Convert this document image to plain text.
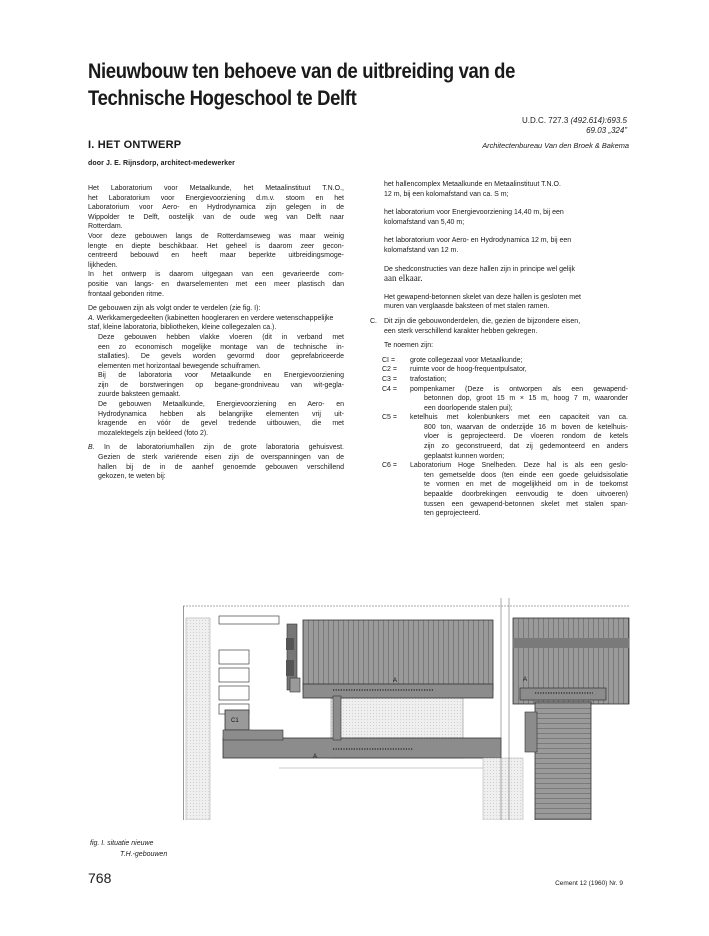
Nieuwbouw ten behoeve van de uitbreiding van de
Technische Hogeschool te Delft
U.D.C. 727.3 (492.614):693.5
69.03 „324”
Architectenbureau Van den Broek & Bakema
I. HET ONTWERP
door J. E. Rijnsdorp, architect-medewerker
Het Laboratorium voor Metaalkunde, het Metaalinstituut T.N.O.,
het Laboratorium voor Energievoorziening d.m.v. stoom en het
Laboratorium voor Aero- en Hydrodynamica zijn gelegen in de
Wippolder te Delft, oostelijk van de oude weg van Delft naar
Rotterdam.
Voor deze gebouwen langs de Rotterdamseweg was maar weinig
lengte en diepte beschikbaar. Het geheel is daarom zeer gecon-
centreerd bebouwd en heeft maar beperkte uitbreidingsmoge-
lijkheden.
In het ontwerp is daarom uitgegaan van een gevarieerde com-
positie van langs- en dwarselementen met een meer plastisch dan
frontaal gebonden ritme.
De gebouwen zijn als volgt onder te verdelen (zie fig. I):
A. Werkkamergedeelten (kabinetten hoogleraren en verdere wetenschappelijke staf, kleine laboratoria, bibliotheken, kleine collegezalen ca.).
Deze gebouwen hebben vlakke vloeren (dit in verband met
een zo economisch mogelijke montage van de technische in-
stallaties). De gevels worden gevormd door geprefabriceerde
elementen met horizontaal bewegende schuiframen.
Bij de laboratoria voor Metaalkunde en Energievoorziening
zijn de borstweringen op begane-grondniveau van wit-gegla-
zuurde baksteen gemaakt.
De gebouwen Metaalkunde, Energievoorziening en Aero- en
Hydrodynamica hebben als belangrijke elementen vrij uit-
kragende en vóór de gevel tredende uitbouwen, die met
mozaïektegels zijn bekleed (foto 2).
B. In de laboratoriumhallen zijn de grote laboratoria gehuisvest.
Gezien de sterk variërende eisen zijn de overspanningen van de
hallen bij de in de aanhef genoemde gebouwen verschillend
gekozen, te weten bij:
het hallencomplex Metaalkunde en Metaalinstituut T.N.O.
12 m, bij een kolomafstand van ca. S m;
het laboratorium voor Energievoorziening 14,40 m, bij een
kolomafstand van 5,40 m;
het laboratorium voor Aero- en Hydrodynamica 12 m, bij een
kolomafstand van 12 m.
De shedconstructies van deze hallen zijn in principe wel gelijk
aan elkaar.
Het gewapend-betonnen skelet van deze hallen is gesloten met
muren van verglaasde baksteen of met stalen ramen.
C.	Dit zijn die gebouwonderdelen, die, gezien de bijzondere eisen,
een sterk verschillend karakter hebben gekregen.
Te noemen zijn:
CI =	grote collegezaal voor Metaalkunde;
C2 =	ruimte voor de hoog-frequentpulsator,
C3 =	trafostation;
C4 =	pompenkamer (Deze is ontworpen als een gewapend-
betonnen dop, groot 15 m × 15 m, hoog 7 m, waaronder
een doorlopende stalen pui);
C5 =	ketelhuis met kolenbunkers met een capaciteit van ca.
800 ton, waarvan de onderzijde 16 m boven de ketelhuis-
vloer is geprojecteerd. De vloeren rondom de ketels
zijn zo geconstrueerd, dat zij gedemonteerd en anders
geplaatst kunnen worden;
C6 =	Laboratorium Hoge Snelheden. Deze hal is als een geslo-
ten gemetselde doos (ten einde een goede geluidsisolatie
te vormen en met de mogelijkheid om in de toekomst
bepaalde doorbrekingen eenvoudig te doen uitvoeren)
tussen een gewapend-betonnen skelet met stalen span-
ten geprojecteerd.
A
A
A
C1
fig. I. situatie nieuwe
T.H.-gebouwen
768	Cement 12 (1960) Nr. 9
